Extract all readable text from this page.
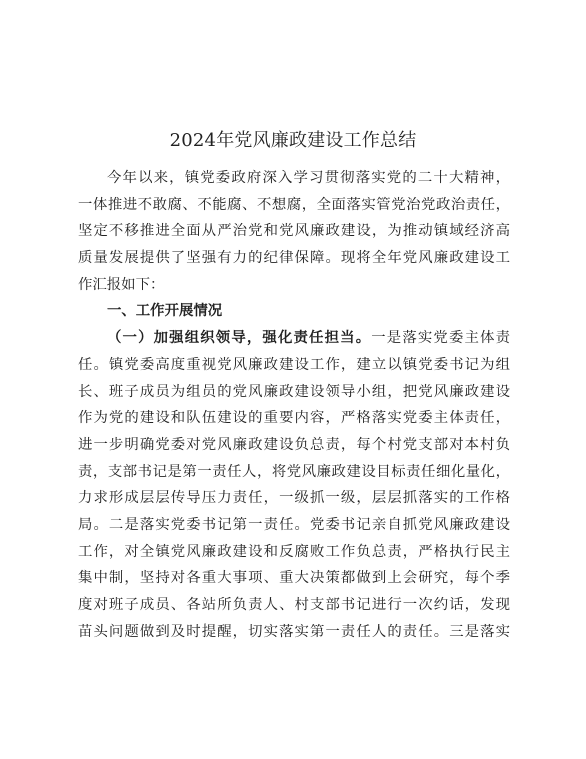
2024年党风廉政建设工作总结
今年以来，镇党委政府深入学习贯彻落实党的二十大精神，
一体推进不敢腐、不能腐、不想腐，全面落实管党治党政治责任，
坚定不移推进全面从严治党和党风廉政建设，为推动镇域经济高
质量发展提供了坚强有力的纪律保障。现将全年党风廉政建设工
作汇报如下：
一、工作开展情况
（一）加强组织领导，强化责任担当。一是落实党委主体责
任。镇党委高度重视党风廉政建设工作，建立以镇党委书记为组
长、班子成员为组员的党风廉政建设领导小组，把党风廉政建设
作为党的建设和队伍建设的重要内容，严格落实党委主体责任，
进一步明确党委对党风廉政建设负总责，每个村党支部对本村负
责，支部书记是第一责任人，将党风廉政建设目标责任细化量化，
力求形成层层传导压力责任，一级抓一级，层层抓落实的工作格
局。二是落实党委书记第一责任。党委书记亲自抓党风廉政建设
工作，对全镇党风廉政建设和反腐败工作负总责，严格执行民主
集中制，坚持对各重大事项、重大决策都做到上会研究，每个季
度对班子成员、各站所负责人、村支部书记进行一次约话，发现
苗头问题做到及时提醒，切实落实第一责任人的责任。三是落实
